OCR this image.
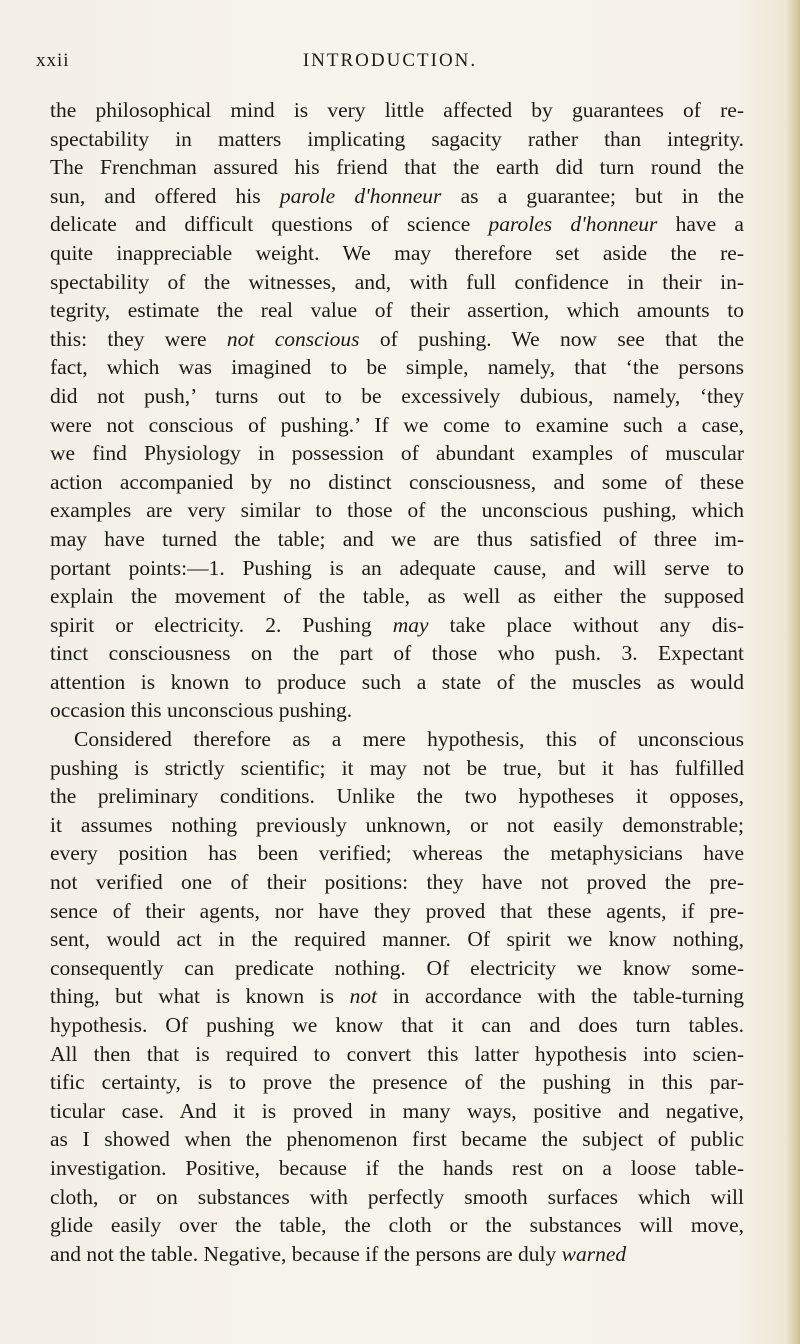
xxii	INTRODUCTION.
the philosophical mind is very little affected by guarantees of re-
spectability in matters implicating sagacity rather than integrity.
The Frenchman assured his friend that the earth did turn round the
sun, and offered his parole d'honneur as a guarantee; but in the
delicate and difficult questions of science paroles d'honneur have a
quite inappreciable weight. We may therefore set aside the re-
spectability of the witnesses, and, with full confidence in their in-
tegrity, estimate the real value of their assertion, which amounts to
this: they were not conscious of pushing. We now see that the
fact, which was imagined to be simple, namely, that ‘the persons
did not push,’ turns out to be excessively dubious, namely, ‘they
were not conscious of pushing.’ If we come to examine such a case,
we find Physiology in possession of abundant examples of muscular
action accompanied by no distinct consciousness, and some of these
examples are very similar to those of the unconscious pushing, which
may have turned the table; and we are thus satisfied of three im-
portant points:—1. Pushing is an adequate cause, and will serve to
explain the movement of the table, as well as either the supposed
spirit or electricity. 2. Pushing may take place without any dis-
tinct consciousness on the part of those who push. 3. Expectant
attention is known to produce such a state of the muscles as would
occasion this unconscious pushing.
Considered therefore as a mere hypothesis, this of unconscious
pushing is strictly scientific; it may not be true, but it has fulfilled
the preliminary conditions. Unlike the two hypotheses it opposes,
it assumes nothing previously unknown, or not easily demonstrable;
every position has been verified; whereas the metaphysicians have
not verified one of their positions: they have not proved the pre-
sence of their agents, nor have they proved that these agents, if pre-
sent, would act in the required manner. Of spirit we know nothing,
consequently can predicate nothing. Of electricity we know some-
thing, but what is known is not in accordance with the table-turning
hypothesis. Of pushing we know that it can and does turn tables.
All then that is required to convert this latter hypothesis into scien-
tific certainty, is to prove the presence of the pushing in this par-
ticular case. And it is proved in many ways, positive and negative,
as I showed when the phenomenon first became the subject of public
investigation. Positive, because if the hands rest on a loose table-
cloth, or on substances with perfectly smooth surfaces which will
glide easily over the table, the cloth or the substances will move,
and not the table. Negative, because if the persons are duly warned
